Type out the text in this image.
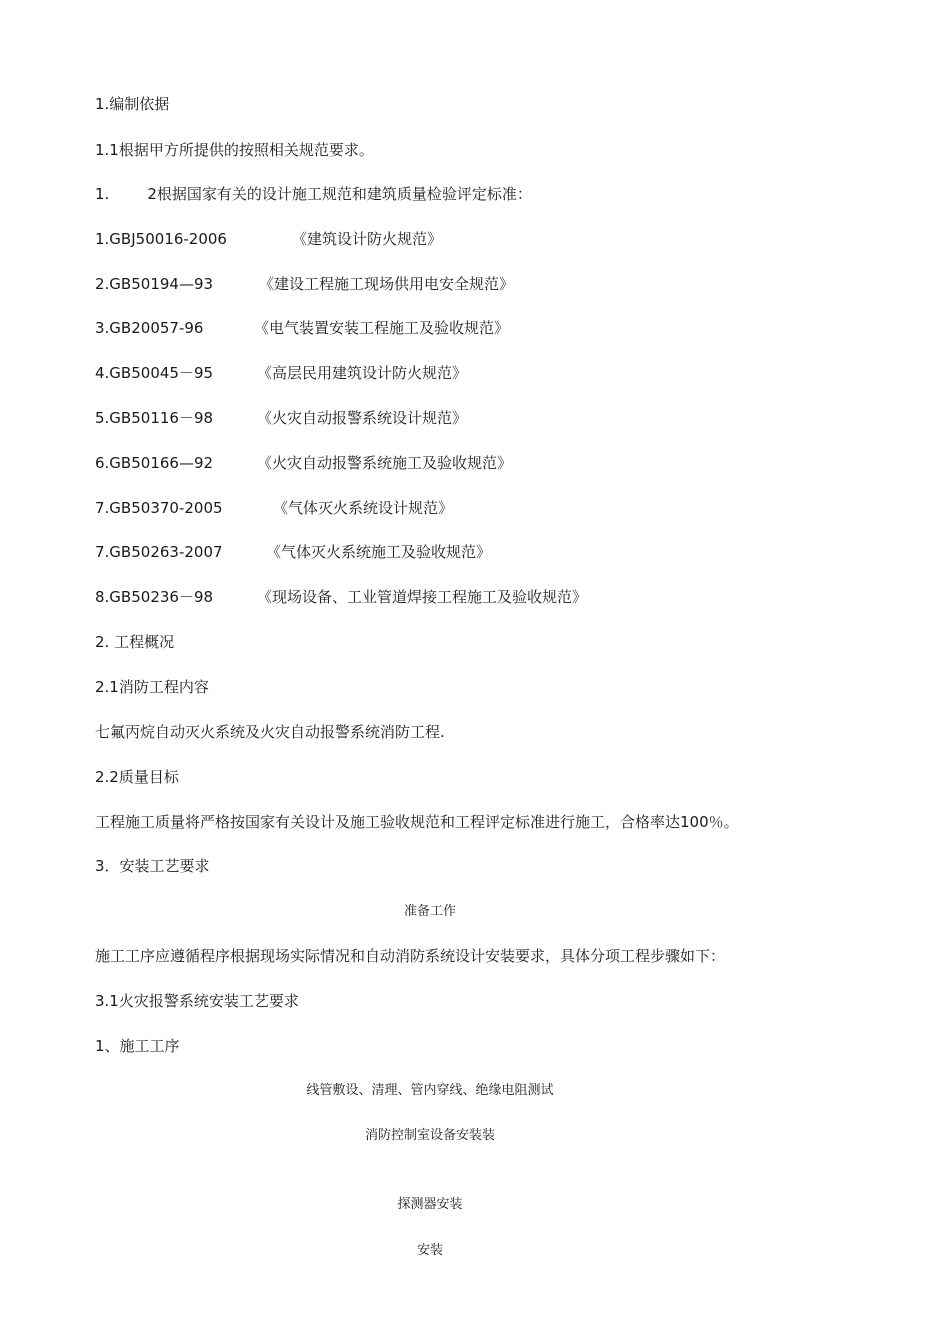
1.编制依据
1.1根据甲方所提供的按照相关规范要求。
1.	2根据国家有关的设计施工规范和建筑质量检验评定标准：
1.GBJ50016-2006	《建筑设计防火规范》
2.GB50194—93	《建设工程施工现场供用电安全规范》
3.GB20057-96	《电气装置安装工程施工及验收规范》
4.GB50045－95	《高层民用建筑设计防火规范》
5.GB50116－98	《火灾自动报警系统设计规范》
6.GB50166—92	《火灾自动报警系统施工及验收规范》
7.GB50370-2005	《气体灭火系统设计规范》
7.GB50263-2007	《气体灭火系统施工及验收规范》
8.GB50236－98	《现场设备、工业管道焊接工程施工及验收规范》
2. 工程概况
2.1消防工程内容
七氟丙烷自动灭火系统及火灾自动报警系统消防工程.
2.2质量目标
工程施工质量将严格按国家有关设计及施工验收规范和工程评定标准进行施工，合格率达100％。
3．安装工艺要求
准备工作
施工工序应遵循程序根据现场实际情况和自动消防系统设计安装要求，具体分项工程步骤如下：
3.1火灾报警系统安装工艺要求
1、施工工序
线管敷设、清理、管内穿线、绝缘电阻测试
消防控制室设备安装装
探测器安装
安装
